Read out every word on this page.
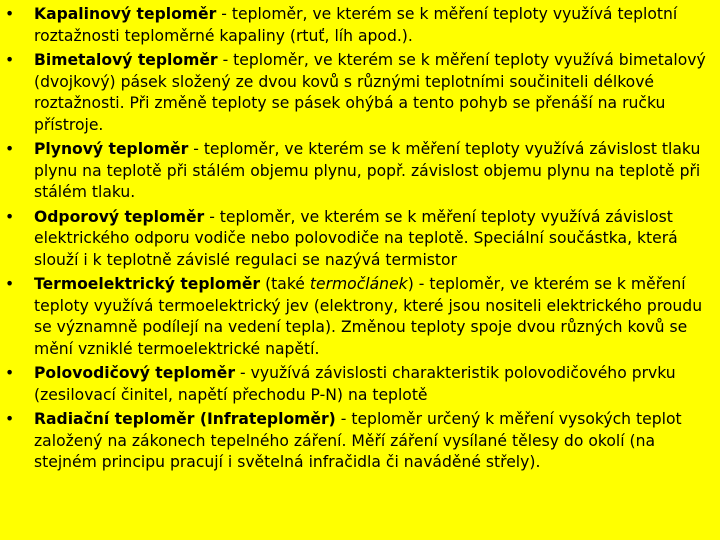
• Kapalinový teploměr - teploměr, ve kterém se k měření teploty využívá teplotní roztažnosti teploměrné kapaliny (rtuť, líh apod.).
• Bimetalový teploměr - teploměr, ve kterém se k měření teploty využívá bimetalový (dvojkový) pásek složený ze dvou kovů s různými teplotními součiniteli délkové roztažnosti. Při změně teploty se pásek ohýbá a tento pohyb se přenáší na ručku přístroje.
• Plynový teploměr - teploměr, ve kterém se k měření teploty využívá závislost tlaku plynu na teplotě při stálém objemu plynu, popř. závislost objemu plynu na teplotě při stálém tlaku.
• Odporový teploměr - teploměr, ve kterém se k měření teploty využívá závislost elektrického odporu vodiče nebo polovodiče na teplotě. Speciální součástka, která slouží i k teplotně závislé regulaci se nazývá termistor
• Termoelektrický teploměr (také termočlánek) - teploměr, ve kterém se k měření teploty využívá termoelektrický jev (elektrony, které jsou nositeli elektrického proudu se významně podílejí na vedení tepla). Změnou teploty spoje dvou různých kovů se mění vzniklé termoelektrické napětí.
• Polovodičový teploměr - využívá závislosti charakteristik polovodičového prvku (zesilovací činitel, napětí přechodu P-N) na teplotě
• Radiační teploměr (Infrateploměr) - teploměr určený k měření vysokých teplot založený na zákonech tepelného záření. Měří záření vysílané tělesy do okolí (na stejném principu pracují i světelná infračidla či naváděné střely).
